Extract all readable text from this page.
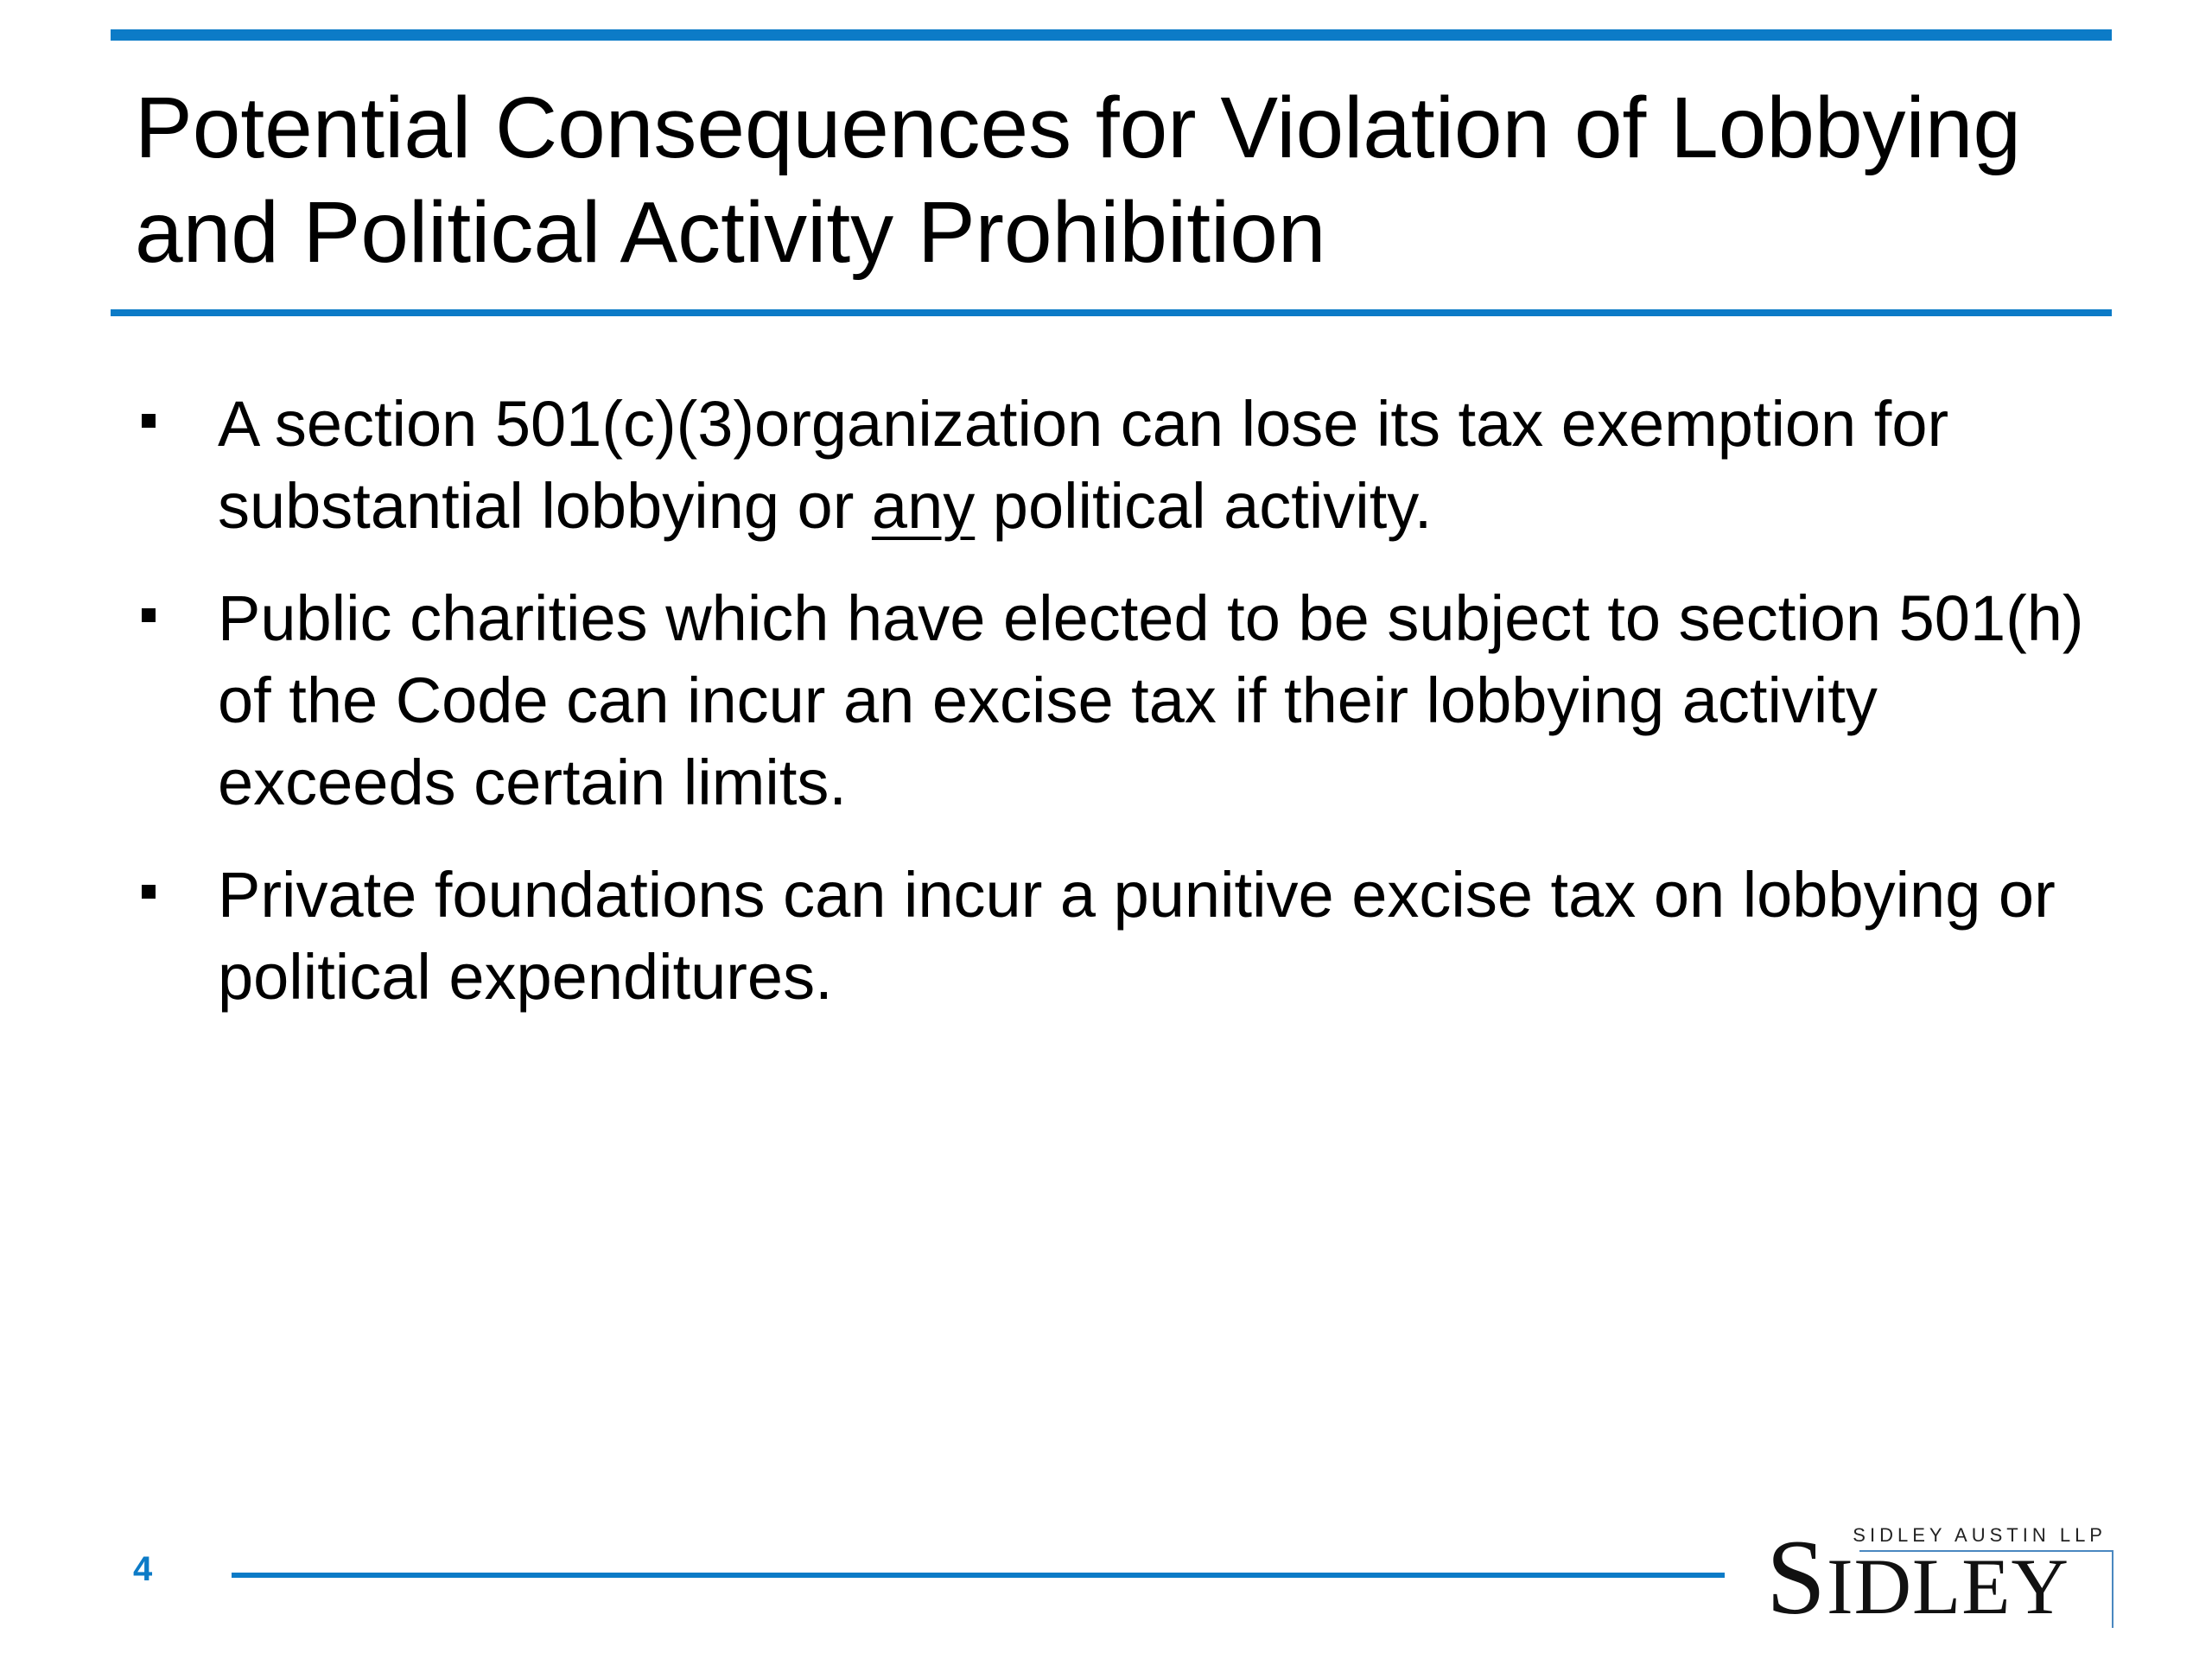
Potential Consequences for Violation of Lobbying
and Political Activity Prohibition
A section 501(c)(3)organization can lose its tax exemption for substantial lobbying or any political activity.
Public charities which have elected to be subject to section 501(h) of the Code can incur an excise tax if their lobbying activity exceeds certain limits.
Private foundations can incur a punitive excise tax on lobbying or political expenditures.
4
SIDLEY AUSTIN LLP
SIDLEY
